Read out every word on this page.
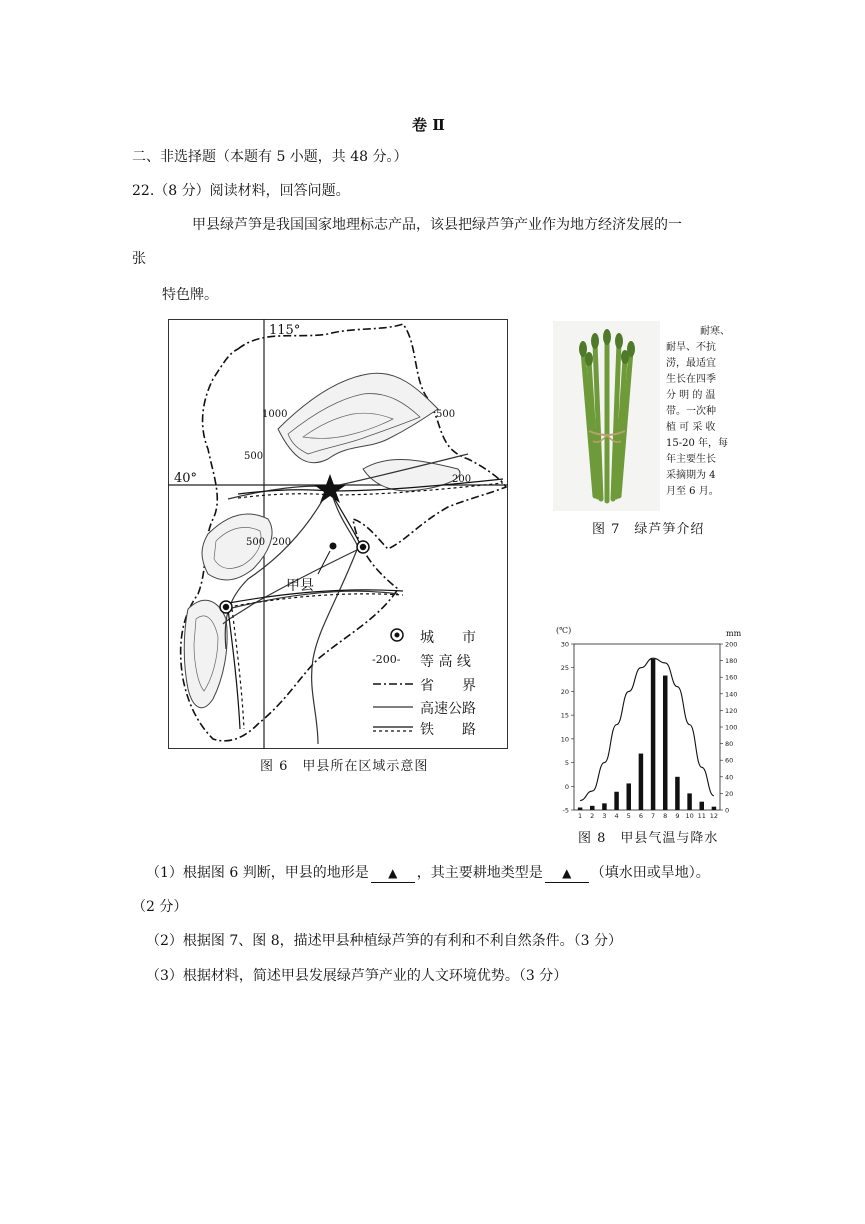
卷 Ⅱ
二、非选择题（本题有 5 小题，共 48 分。）
22.（8 分）阅读材料，回答问题。
甲县绿芦笋是我国国家地理标志产品，该县把绿芦笋产业作为地方经济发展的一
张
特色牌。
115°
40°
1000	500
500
200
500 200
甲县
城　　市
-200- 等 高 线
省　　界
高速公路
铁　　路
图 6　甲县所在区域示意图
耐寒、
耐旱、不抗
涝，最适宜
生长在四季
分 明 的 温
带。一次种
植 可 采 收
15-20 年，每
年主要生长
采摘期为 4
月至 6 月。
图 7　绿芦笋介绍
30
25
20
15
10
5
0
-5
200
180
160
140
120
100
80
60
40
20
0
1 2 3 4 5 6 7 8 9 10 11 12
(℃)	mm
图 8　甲县气温与降水
（1）根据图 6 判断，甲县的地形是 ▲ ，其主要耕地类型是 ▲ （填水田或旱地）。
（2 分）
（2）根据图 7、图 8，描述甲县种植绿芦笋的有利和不利自然条件。（3 分）
（3）根据材料，简述甲县发展绿芦笋产业的人文环境优势。（3 分）
